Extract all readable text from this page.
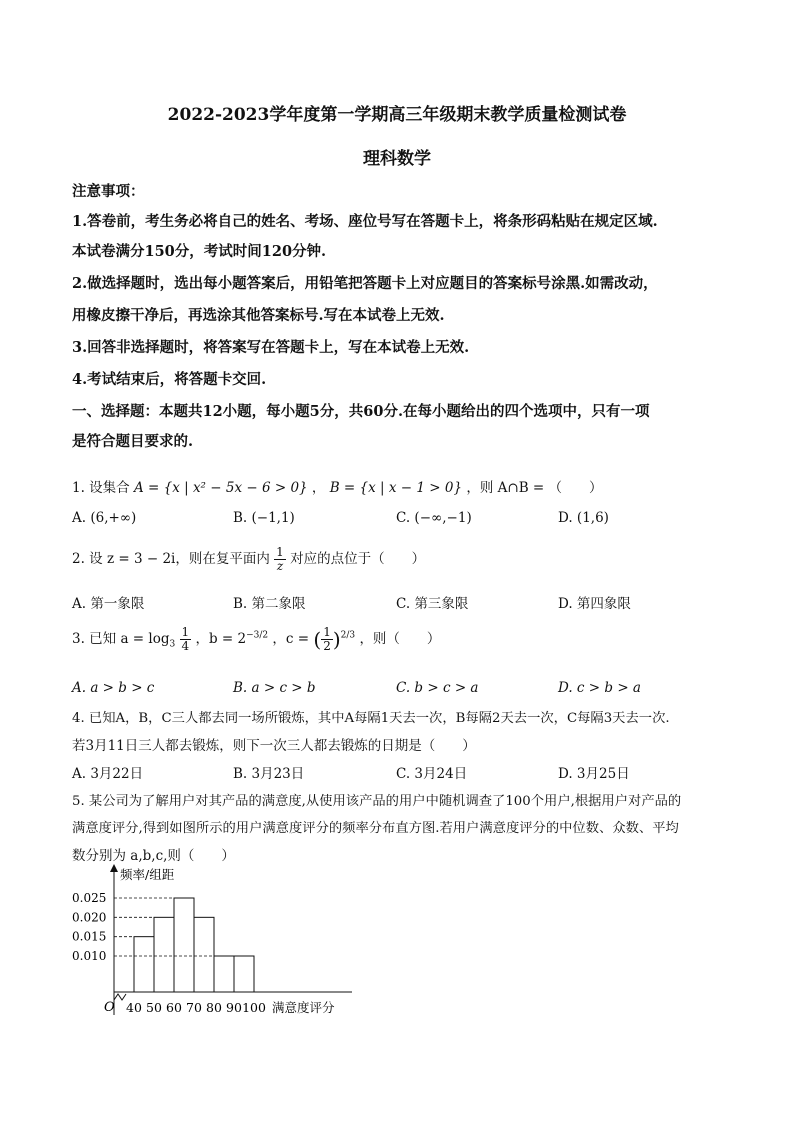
2022-2023学年度第一学期高三年级期末教学质量检测试卷
理科数学
注意事项：
1.答卷前，考生务必将自己的姓名、考场、座位号写在答题卡上，将条形码粘贴在规定区域.
本试卷满分150分，考试时间120分钟.
2.做选择题时，选出每小题答案后，用铅笔把答题卡上对应题目的答案标号涂黑.如需改动，
用橡皮擦干净后，再选涂其他答案标号.写在本试卷上无效.
3.回答非选择题时，将答案写在答题卡上，写在本试卷上无效.
4.考试结束后，将答题卡交回.
一、选择题：本题共12小题，每小题5分，共60分.在每小题给出的四个选项中，只有一项
是符合题目要求的.
1. 设集合 A = {x | x² − 5x − 6 > 0} ， B = {x | x − 1 > 0} ，则 A∩B = （　　）
A. (6,+∞)	B. (−1,1)	C. (−∞,−1)	D. (1,6)
2. 设 z = 3 − 2i，则在复平面内 $\frac{1}{z}$ 对应的点位于（　　）
A. 第一象限	B. 第二象限	C. 第三象限	D. 第四象限
3. 已知 $a = \log_3 \frac{1}{4}$ ，$b = 2^{-3/2}$ ，c = ( $\frac{1}{2} )^{2/3}$ ，则（　　）
A. a > b > c	B. a > c > b	C. b > c > a	D. c > b > a
4. 已知A，B，C三人都去同一场所锻炼，其中A每隔1天去一次，B每隔2天去一次，C每隔3天去一次.
若3月11日三人都去锻炼，则下一次三人都去锻炼的日期是（　　）
A. 3月22日	B. 3月23日	C. 3月24日	D. 3月25日
5. 某公司为了解用户对其产品的满意度,从使用该产品的用户中随机调查了100个用户,根据用户对产品的
满意度评分,得到如图所示的用户满意度评分的频率分布直方图.若用户满意度评分的中位数、众数、平均
数分别为 a,b,c,则（　　）
频率/组距
O	满意度评分
0.010
0.015
0.020
0.025
40 50 60 70 80 90 100
